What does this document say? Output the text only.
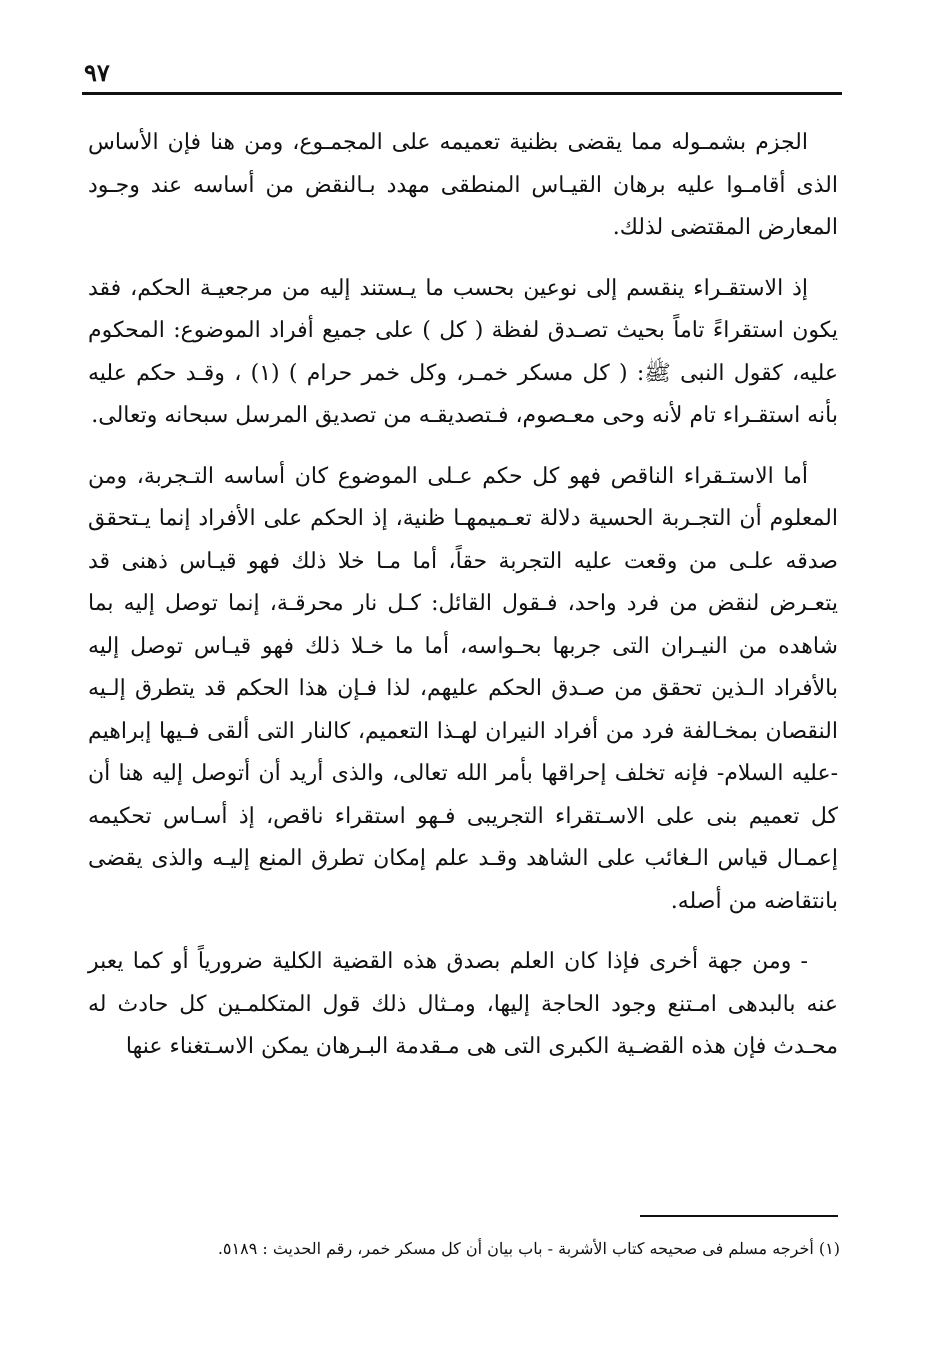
٩٧

الجزم بشمـوله مما يقضى بظنية تعميمه على المجمـوع، ومن هنا فإن الأساس الذى أقامـوا عليه برهان القيـاس المنطقى مهدد بـالنقض من أساسه عند وجـود المعارض المقتضى لذلك.

إذ الاستقـراء ينقسم إلى نوعين بحسب ما يـستند إليه من مرجعيـة الحكم، فقد يكون استقراءً تاماً بحيث تصـدق لفظة ( كل ) على جميع أفراد الموضوع: المحكوم عليه، كقول النبى ﷺ: ( كل مسكر خمـر، وكل خمر حرام ) (١) ، وقـد حكم عليه بأنه استقـراء تام لأنه وحى معـصوم، فـتصديقـه من تصديق المرسل سبحانه وتعالى.

أما الاستـقراء الناقص فهو كل حكم عـلى الموضوع كان أساسه التـجربة، ومن المعلوم أن التجـربة الحسية دلالة تعـميمهـا ظنية، إذ الحكم على الأفراد إنما يـتحقق صدقه علـى من وقعت عليه التجربة حقاً، أما مـا خلا ذلك فهو قيـاس ذهنى قد يتعـرض لنقض من فرد واحد، فـقول القائل: كـل نار محرقـة، إنما توصل إليه بما شاهده من النيـران التى جربها بحـواسه، أما ما خـلا ذلك فهو قيـاس توصل إليه بالأفراد الـذين تحقق من صـدق الحكم عليهم، لذا فـإن هذا الحكم قد يتطرق إلـيه النقصان بمخـالفة فرد من أفراد النيران لهـذا التعميم، كالنار التى ألقى فـيها إبراهيم -عليه السلام- فإنه تخلف إحراقها بأمر الله تعالى، والذى أريد أن أتوصل إليه هنا أن كل تعميم بنى على الاسـتقراء التجريبى فـهو استقراء ناقص، إذ أسـاس تحكيمه إعمـال قياس الـغائب على الشاهد وقـد علم إمكان تطرق المنع إليـه والذى يقضى بانتقاضه من أصله.

- ومن جهة أخرى فإذا كان العلم بصدق هذه القضية الكلية ضرورياً أو كما يعبر عنه بالبدهى امـتنع وجود الحاجة إليها، ومـثال ذلك قول المتكلمـين كل حادث له محـدث فإن هذه القضـية الكبرى التى هى مـقدمة البـرهان يمكن الاسـتغناء عنها

(١) أخرجه مسلم فى صحيحه كتاب الأشربة - باب بيان أن كل مسكر خمر، رقم الحديث : ٥١٨٩.
